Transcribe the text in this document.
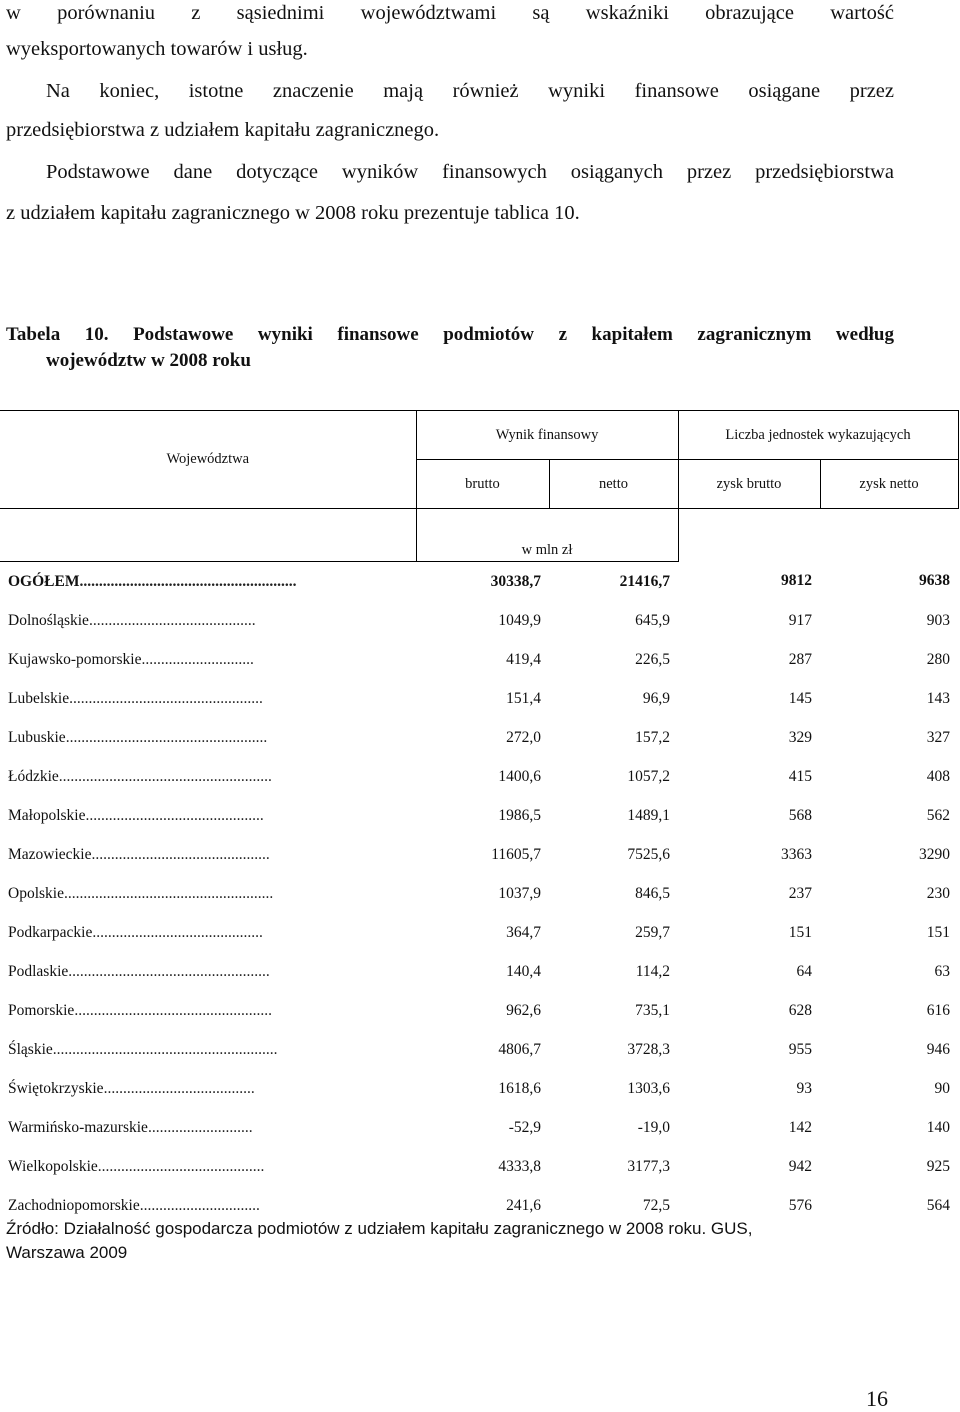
w porównaniu z sąsiednimi województwami są wskaźniki obrazujące wartość
wyeksportowanych towarów i usług.
Na koniec, istotne znaczenie mają również wyniki finansowe osiągane przez
przedsiębiorstwa z udziałem kapitału zagranicznego.
Podstawowe dane dotyczące wyników finansowych osiąganych przez przedsiębiorstwa
z udziałem kapitału zagranicznego w 2008 roku prezentuje tablica 10.
Tabela 10. Podstawowe wyniki finansowe podmiotów z kapitałem zagranicznym według
województw w 2008 roku
Województwa	Wynik finansowy		Liczba jednostek wykazujących	
	brutto	netto	zysk brutto	zysk netto
	w mln zł			
OGÓŁEM........................................................	30338,7	21416,7	9812	9638
Dolnośląskie...........................................	1049,9	645,9	917	903
Kujawsko-pomorskie.............................	419,4	226,5	287	280
Lubelskie..................................................	151,4	96,9	145	143
Lubuskie....................................................	272,0	157,2	329	327
Łódzkie.......................................................	1400,6	1057,2	415	408
Małopolskie..............................................	1986,5	1489,1	568	562
Mazowieckie..............................................	11605,7	7525,6	3363	3290
Opolskie......................................................	1037,9	846,5	237	230
Podkarpackie............................................	364,7	259,7	151	151
Podlaskie....................................................	140,4	114,2	64	63
Pomorskie...................................................	962,6	735,1	628	616
Śląskie..........................................................	4806,7	3728,3	955	946
Świętokrzyskie.......................................	1618,6	1303,6	93	90
Warmińsko-mazurskie...........................	-52,9	-19,0	142	140
Wielkopolskie...........................................	4333,8	3177,3	942	925
Zachodniopomorskie...............................	241,6	72,5	576	564
Źródło: Działalność gospodarcza podmiotów z udziałem kapitału zagranicznego w 2008 roku. GUS,
Warszawa 2009
16
